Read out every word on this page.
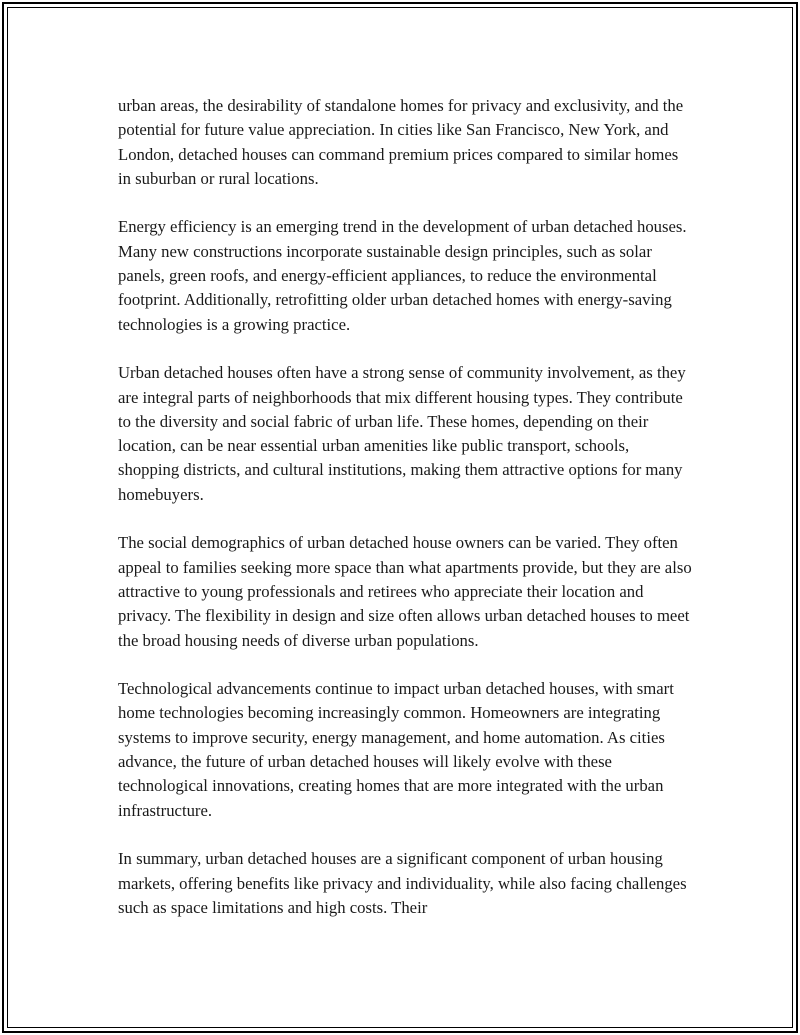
urban areas, the desirability of standalone homes for privacy and exclusivity, and the potential for future value appreciation. In cities like San Francisco, New York, and London, detached houses can command premium prices compared to similar homes in suburban or rural locations.

Energy efficiency is an emerging trend in the development of urban detached houses. Many new constructions incorporate sustainable design principles, such as solar panels, green roofs, and energy-efficient appliances, to reduce the environmental footprint. Additionally, retrofitting older urban detached homes with energy-saving technologies is a growing practice.

Urban detached houses often have a strong sense of community involvement, as they are integral parts of neighborhoods that mix different housing types. They contribute to the diversity and social fabric of urban life. These homes, depending on their location, can be near essential urban amenities like public transport, schools, shopping districts, and cultural institutions, making them attractive options for many homebuyers.

The social demographics of urban detached house owners can be varied. They often appeal to families seeking more space than what apartments provide, but they are also attractive to young professionals and retirees who appreciate their location and privacy. The flexibility in design and size often allows urban detached houses to meet the broad housing needs of diverse urban populations.

Technological advancements continue to impact urban detached houses, with smart home technologies becoming increasingly common. Homeowners are integrating systems to improve security, energy management, and home automation. As cities advance, the future of urban detached houses will likely evolve with these technological innovations, creating homes that are more integrated with the urban infrastructure.

In summary, urban detached houses are a significant component of urban housing markets, offering benefits like privacy and individuality, while also facing challenges such as space limitations and high costs. Their
